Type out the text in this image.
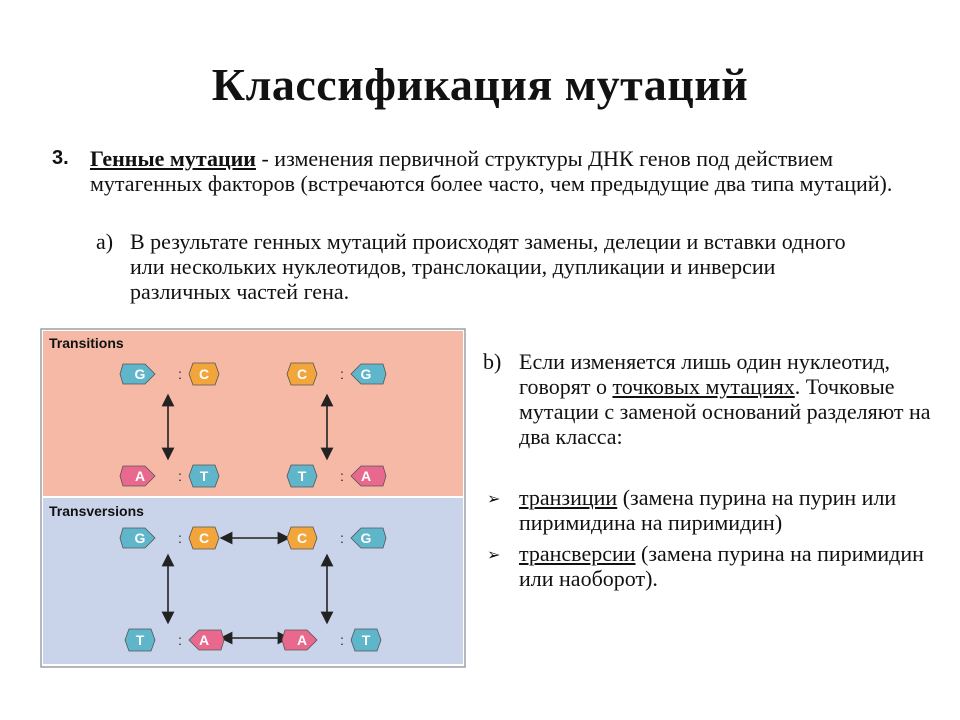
Классификация мутаций
3. Генные мутации - изменения первичной структуры ДНК генов под действием мутагенных факторов (встречаются более часто, чем предыдущие два типа мутаций).
a) В результате генных мутаций происходят замены, делеции и вставки одного или нескольких нуклеотидов, транслокации, дупликации и инверсии различных частей гена.
Transitions
Transversions
G : C	C : G
A : T	T : A
G : C	C : G
T : A	A : T
b) Если изменяется лишь один нуклеотид, говорят о точковых мутациях. Точковые мутации с заменой оснований разделяют на два класса:
➢ транзиции (замена пурина на пурин или пиримидина на пиримидин)
➢ трансверсии (замена пурина на пиримидин или наоборот).
